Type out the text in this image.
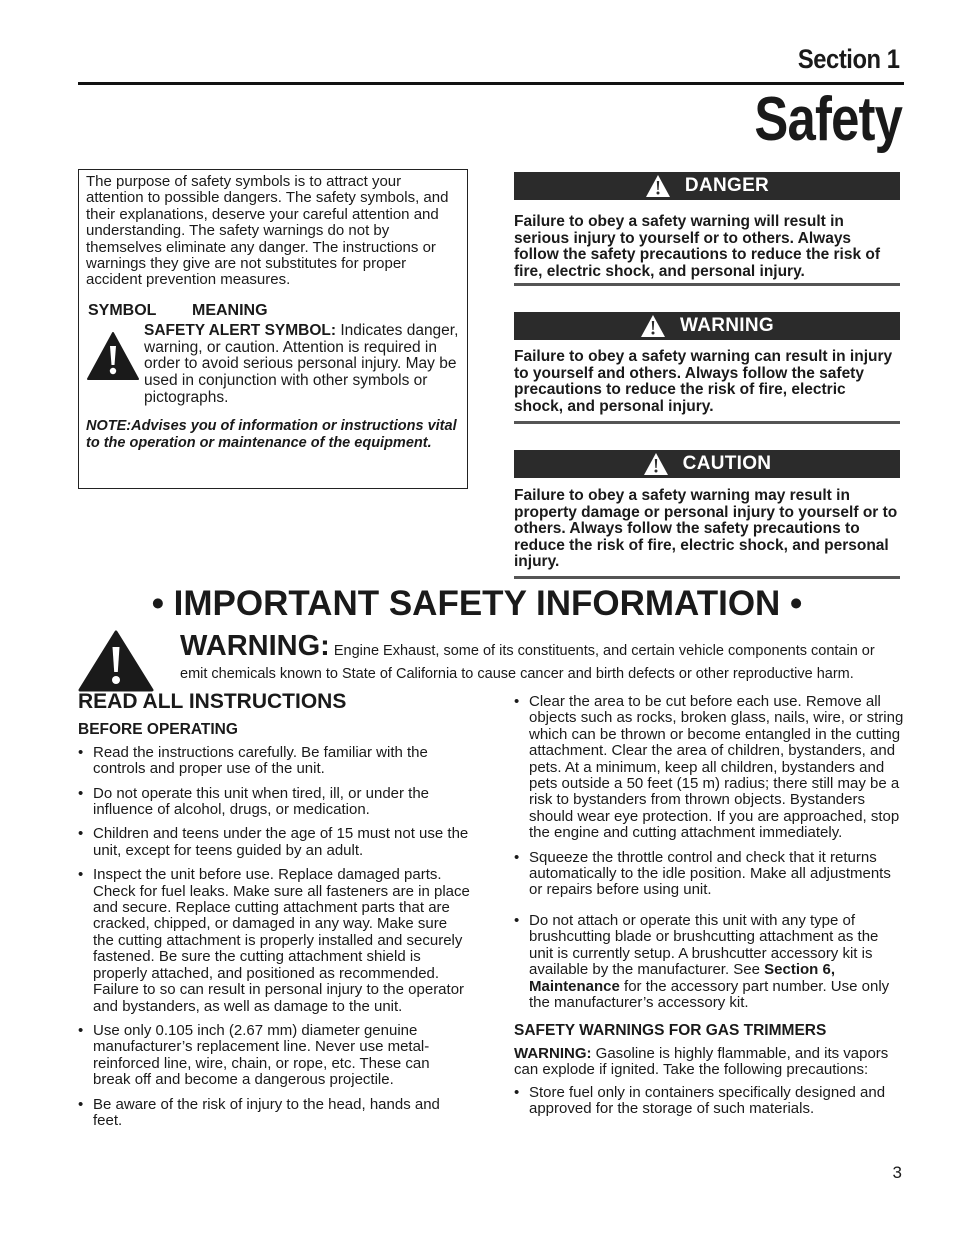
Section 1
Safety

The purpose of safety symbols is to attract your attention to possible dangers. The safety symbols, and their explanations, deserve your careful attention and understanding. The safety warnings do not by themselves eliminate any danger. The instructions or warnings they give are not substitutes for proper accident prevention measures.

SYMBOL	MEANING
SAFETY ALERT SYMBOL: Indicates danger, warning, or caution. Attention is required in order to avoid serious personal injury. May be used in conjunction with other symbols or pictographs.
NOTE:Advises you of information or instructions vital to the operation or maintenance of the equipment.
DANGER
Failure to obey a safety warning will result in serious injury to yourself or to others. Always follow the safety precautions to reduce the risk of fire, electric shock, and personal injury.
WARNING
Failure to obey a safety warning can result in injury to yourself and others. Always follow the safety precautions to reduce the risk of fire, electric shock, and personal injury.
CAUTION
Failure to obey a safety warning may result in property damage or personal injury to yourself or to others. Always follow the safety precautions to reduce the risk of fire, electric shock, and personal injury.
• IMPORTANT SAFETY INFORMATION •
WARNING: Engine Exhaust, some of its constituents, and certain vehicle components contain or
emit chemicals known to State of California to cause cancer and birth defects or other reproductive harm.
READ ALL INSTRUCTIONS
BEFORE OPERATING
• Read the instructions carefully. Be familiar with the controls and proper use of the unit.
• Do not operate this unit when tired, ill, or under the influence of alcohol, drugs, or medication.
• Children and teens under the age of 15 must not use the unit, except for teens guided by an adult.
• Inspect the unit before use. Replace damaged parts. Check for fuel leaks. Make sure all fasteners are in place and secure. Replace cutting attachment parts that are cracked, chipped, or damaged in any way. Make sure the cutting attachment is properly installed and securely fastened. Be sure the cutting attachment shield is properly attached, and positioned as recommended. Failure to so can result in personal injury to the operator and bystanders, as well as damage to the unit.
• Use only 0.105 inch (2.67 mm) diameter genuine manufacturer’s replacement line. Never use metal-reinforced line, wire, chain, or rope, etc. These can break off and become a dangerous projectile.
• Be aware of the risk of injury to the head, hands and feet.
• Clear the area to be cut before each use. Remove all objects such as rocks, broken glass, nails, wire, or string which can be thrown or become entangled in the cutting attachment. Clear the area of children, bystanders, and pets. At a minimum, keep all children, bystanders and pets outside a 50 feet (15 m) radius; there still may be a risk to bystanders from thrown objects. Bystanders should wear eye protection. If you are approached, stop the engine and cutting attachment immediately.
• Squeeze the throttle control and check that it returns automatically to the idle position. Make all adjustments or repairs before using unit.
• Do not attach or operate this unit with any type of brushcutting blade or brushcutting attachment as the unit is currently setup. A brushcutter accessory kit is available by the manufacturer. See Section 6, Maintenance for the accessory part number. Use only the manufacturer’s accessory kit.
SAFETY WARNINGS FOR GAS TRIMMERS

WARNING: Gasoline is highly flammable, and its vapors can explode if ignited. Take the following precautions:

• Store fuel only in containers specifically designed and approved for the storage of such materials.
3
